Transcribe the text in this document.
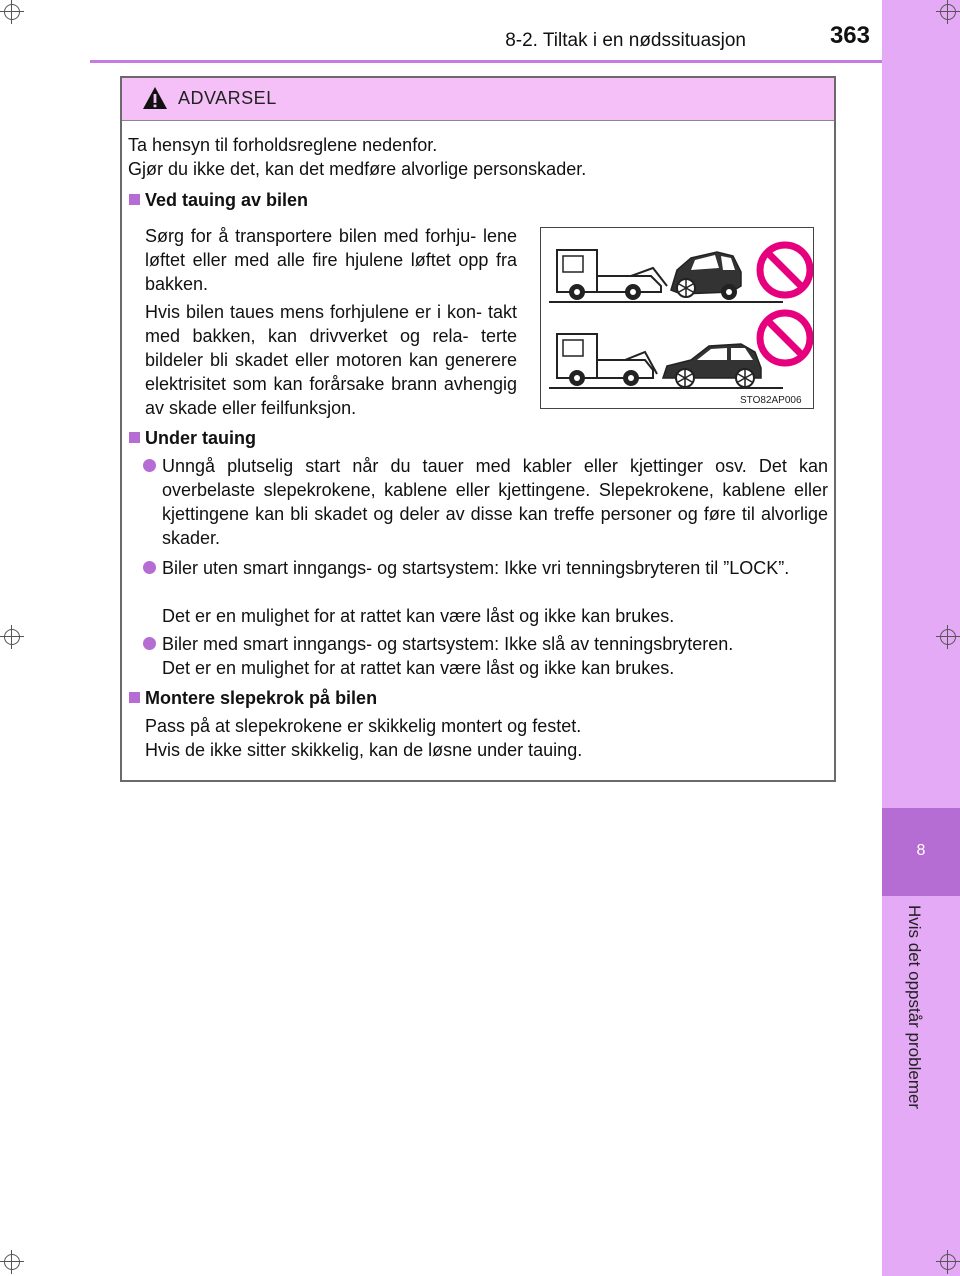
8
Hvis det oppstår problemer
8-2. Tiltak i en nødssituasjon	363
ADVARSEL
Ta hensyn til forholdsreglene nedenfor.
Gjør du ikke det, kan det medføre alvorlige personskader.
Ved tauing av bilen
Sørg for å transportere bilen med forhju- lene løftet eller med alle fire hjulene løftet opp fra bakken.
Hvis bilen taues mens forhjulene er i kon- takt med bakken, kan drivverket og rela- terte bildeler bli skadet eller motoren kan generere elektrisitet som kan forårsake brann avhengig av skade eller feilfunksjon.	STO82AP006
Under tauing
Unngå plutselig start når du tauer med kabler eller kjettinger osv. Det kan overbelaste slepekrokene, kablene eller kjettingene. Slepekrokene, kablene eller kjettingene kan bli skadet og deler av disse kan treffe personer og føre til alvorlige skader.
Biler uten smart inngangs- og startsystem: Ikke vri tenningsbryteren til ”LOCK”.
Det er en mulighet for at rattet kan være låst og ikke kan brukes.
Biler med smart inngangs- og startsystem: Ikke slå av tenningsbryteren.
Det er en mulighet for at rattet kan være låst og ikke kan brukes.
Montere slepekrok på bilen
Pass på at slepekrokene er skikkelig montert og festet.
Hvis de ikke sitter skikkelig, kan de løsne under tauing.
